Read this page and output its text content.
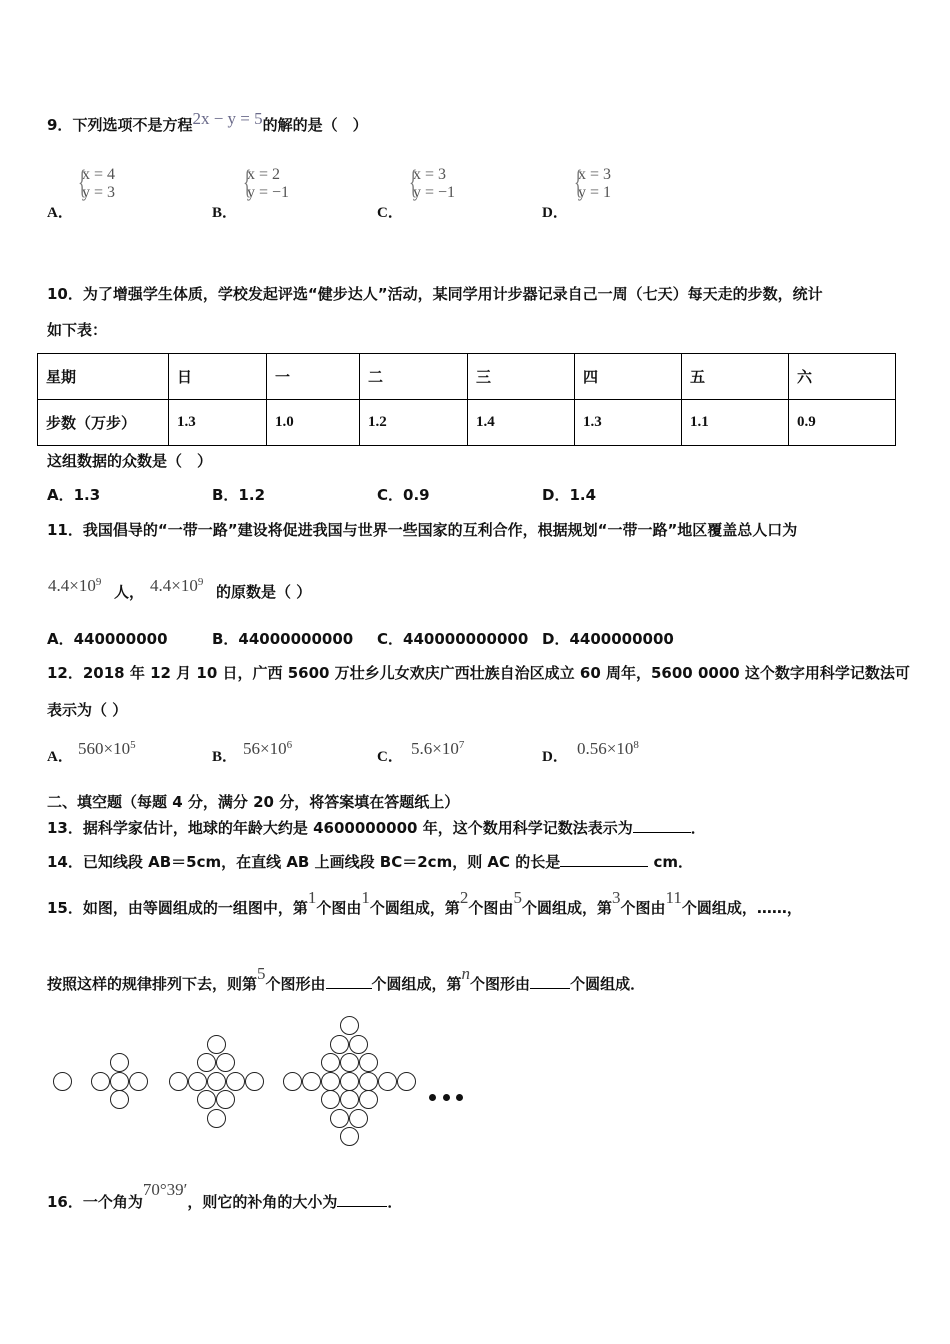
9．下列选项不是方程2x − y = 5的解的是（　）
A．
{
x = 4
y = 3
B．
{
x = 2
y = −1
C．
{
x = 3
y = −1
D．
{
x = 3
y = 1
10．为了增强学生体质，学校发起评选“健步达人”活动，某同学用计步器记录自己一周（七天）每天走的步数，统计
如下表：
星期	日	一	二	三	四	五	六
步数（万步）	1.3	1.0	1.2	1.4	1.3	1.1	0.9
这组数据的众数是（　）
A．1.3	B．1.2	C．0.9	D．1.4
11．我国倡导的“一带一路”建设将促进我国与世界一些国家的互利合作，根据规划“一带一路”地区覆盖总人口为
$4.4\times 10^9$
人， $4.4\times 10^9$
的原数是（ ）
A．440000000	B．44000000000 C．440000000000 D．4400000000
12．2018 年 12 月 10 日，广西 5600 万壮乡儿女欢庆广西壮族自治区成立 60 周年，5600 0000 这个数字用科学记数法可
表示为（ ）
A． $560\times 10^5$
B． $56\times 10^6$
C． $5.6\times 10^7$
D． $0.56\times 10^8$
二、填空题（每题 4 分，满分 20 分，将答案填在答题纸上）
13．据科学家估计，地球的年龄大约是 4600000000 年，这个数用科学记数法表示为	．
14．已知线段 AB＝5cm，在直线 AB 上画线段 BC＝2cm，则 AC 的长是	cm．
15．如图，由等圆组成的一组图中，第1个图由1个圆组成，第2个图由5个圆组成，第3个图由11个圆组成，……，
按照这样的规律排列下去，则第5个图形由	个圆组成，第n个图形由	个圆组成．
16．一个角为70°39′，则它的补角的大小为	．
